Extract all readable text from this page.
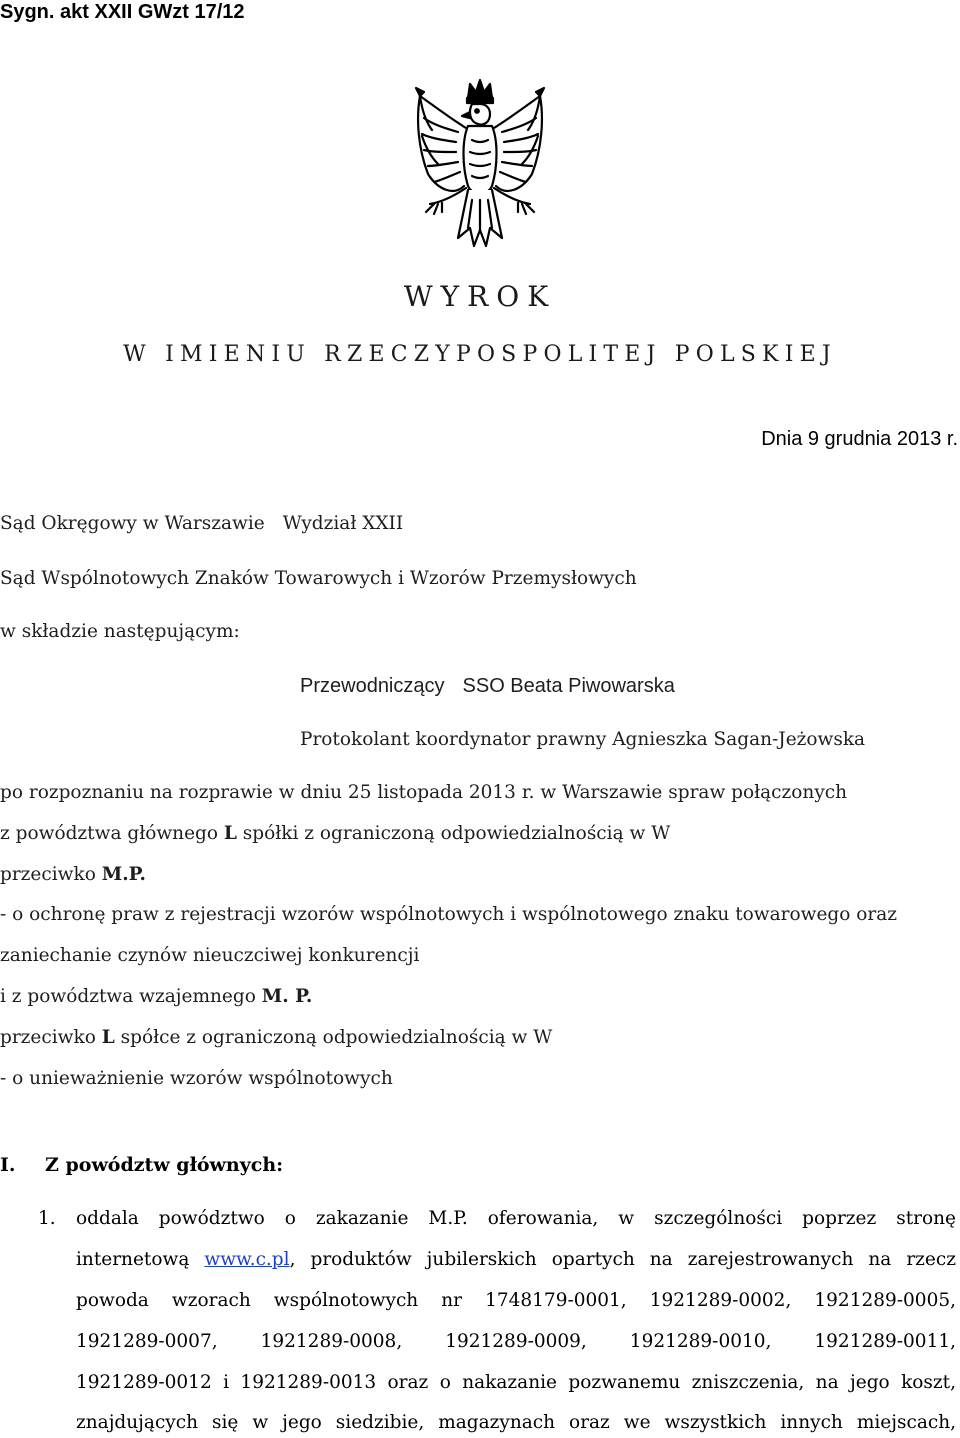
Sygn. akt XXII GWzt 17/12
WYROK
W IMIENIU RZECZYPOSPOLITEJ POLSKIEJ
Dnia 9 grudnia 2013 r.
Sąd Okręgowy w Warszawie Wydział XXII
Sąd Wspólnotowych Znaków Towarowych i Wzorów Przemysłowych
w składzie następującym:
Przewodniczący SSO Beata Piwowarska
Protokolant koordynator prawny Agnieszka Sagan-Jeżowska
po rozpoznaniu na rozprawie w dniu 25 listopada 2013 r. w Warszawie spraw połączonych
z powództwa głównego L spółki z ograniczoną odpowiedzialnością w W
przeciwko M.P.
- o ochronę praw z rejestracji wzorów wspólnotowych i wspólnotowego znaku towarowego oraz
zaniechanie czynów nieuczciwej konkurencji
i z powództwa wzajemnego M. P.
przeciwko L spółce z ograniczoną odpowiedzialnością w W
- o unieważnienie wzorów wspólnotowych
I. Z powództw głównych:
1. oddala powództwo o zakazanie M.P. oferowania, w szczególności poprzez stronę
internetową www.c.pl, produktów jubilerskich opartych na zarejestrowanych na rzecz
powoda wzorach wspólnotowych nr 1748179-0001, 1921289-0002, 1921289-0005,
1921289-0007, 1921289-0008, 1921289-0009, 1921289-0010, 1921289-0011,
1921289-0012 i 1921289-0013 oraz o nakazanie pozwanemu zniszczenia, na jego koszt,
znajdujących się w jego siedzibie, magazynach oraz we wszystkich innych miejscach,
